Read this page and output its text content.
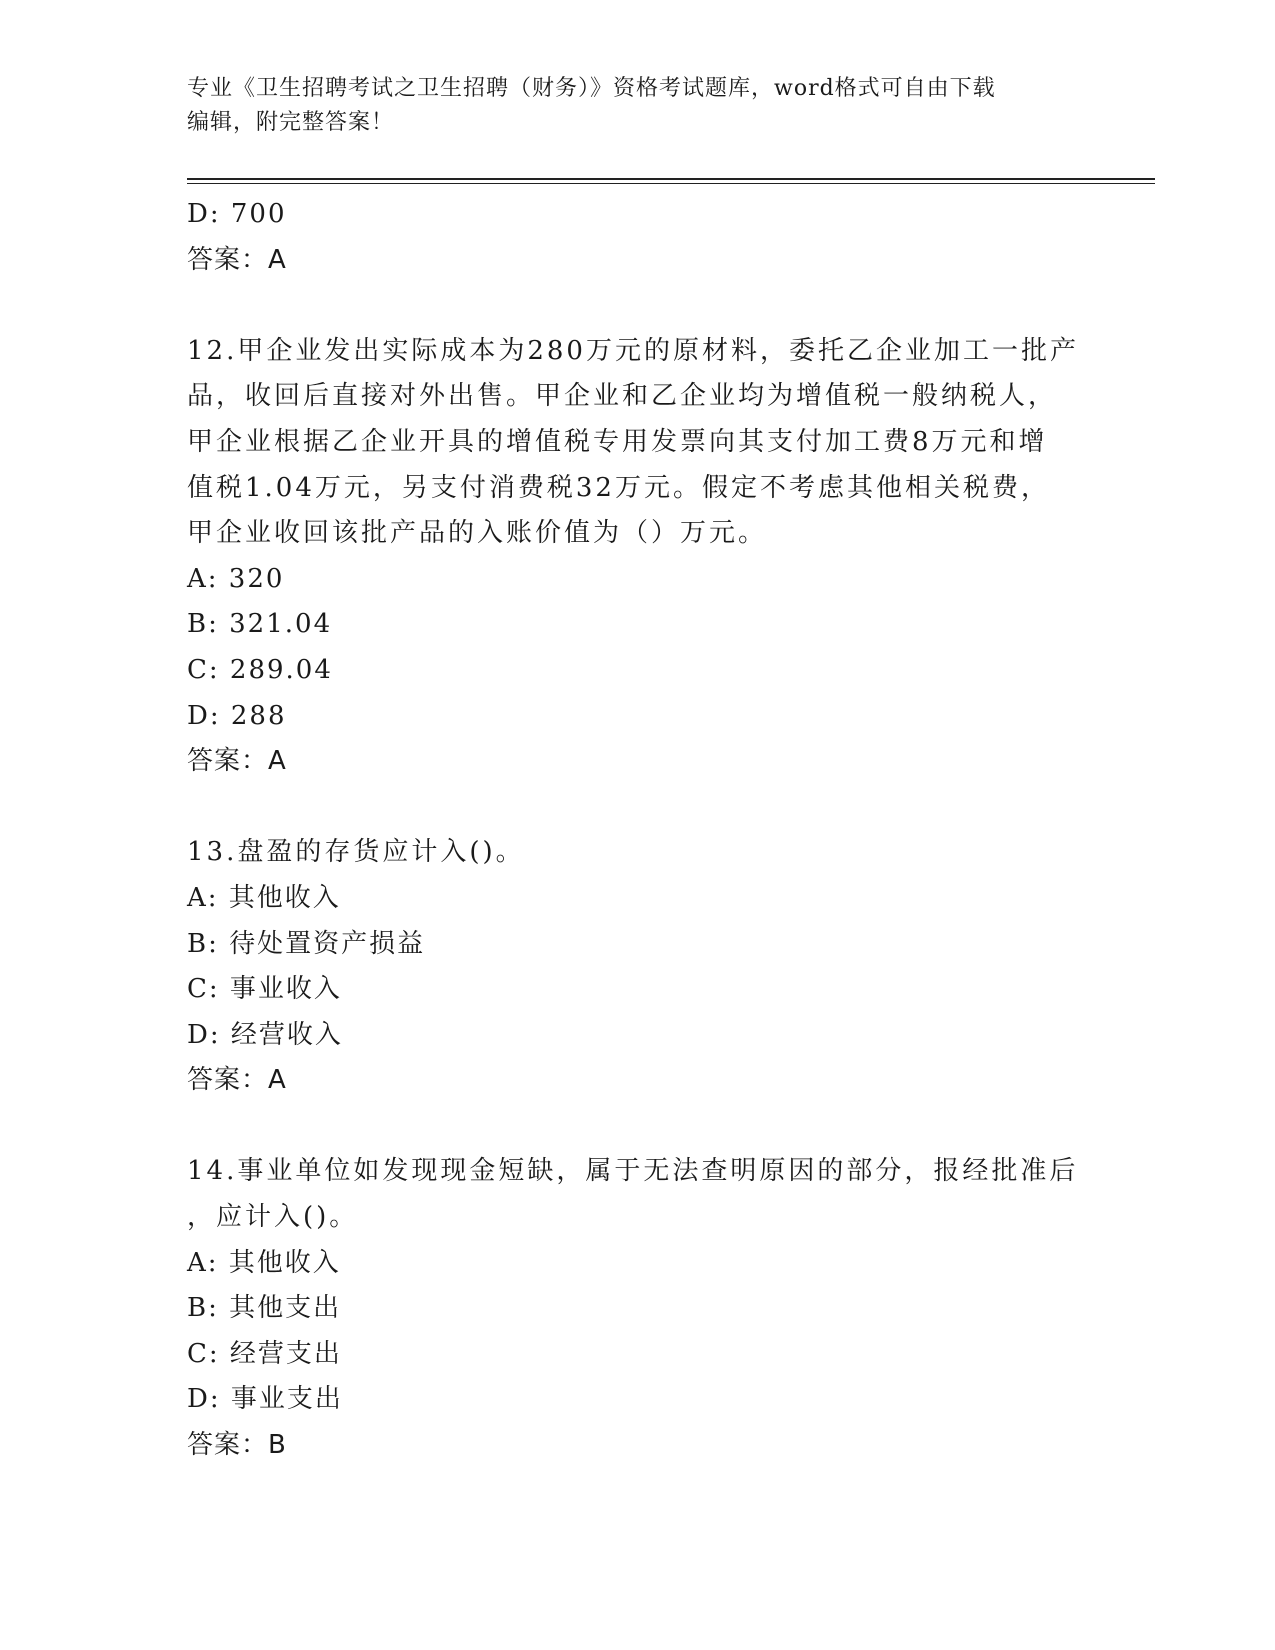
专业《卫生招聘考试之卫生招聘（财务）》资格考试题库，word格式可自由下载
编辑，附完整答案！
D: 700
答案：A
12.甲企业发出实际成本为280万元的原材料，委托乙企业加工一批产
品，收回后直接对外出售。甲企业和乙企业均为增值税一般纳税人，
甲企业根据乙企业开具的增值税专用发票向其支付加工费8万元和增
值税1.04万元，另支付消费税32万元。假定不考虑其他相关税费，
甲企业收回该批产品的入账价值为（）万元。
A: 320
B: 321.04
C: 289.04
D: 288
答案：A
13.盘盈的存货应计入()。
A: 其他收入
B: 待处置资产损益
C: 事业收入
D: 经营收入
答案：A
14.事业单位如发现现金短缺，属于无法查明原因的部分，报经批准后
，应计入()。
A: 其他收入
B: 其他支出
C: 经营支出
D: 事业支出
答案：B
